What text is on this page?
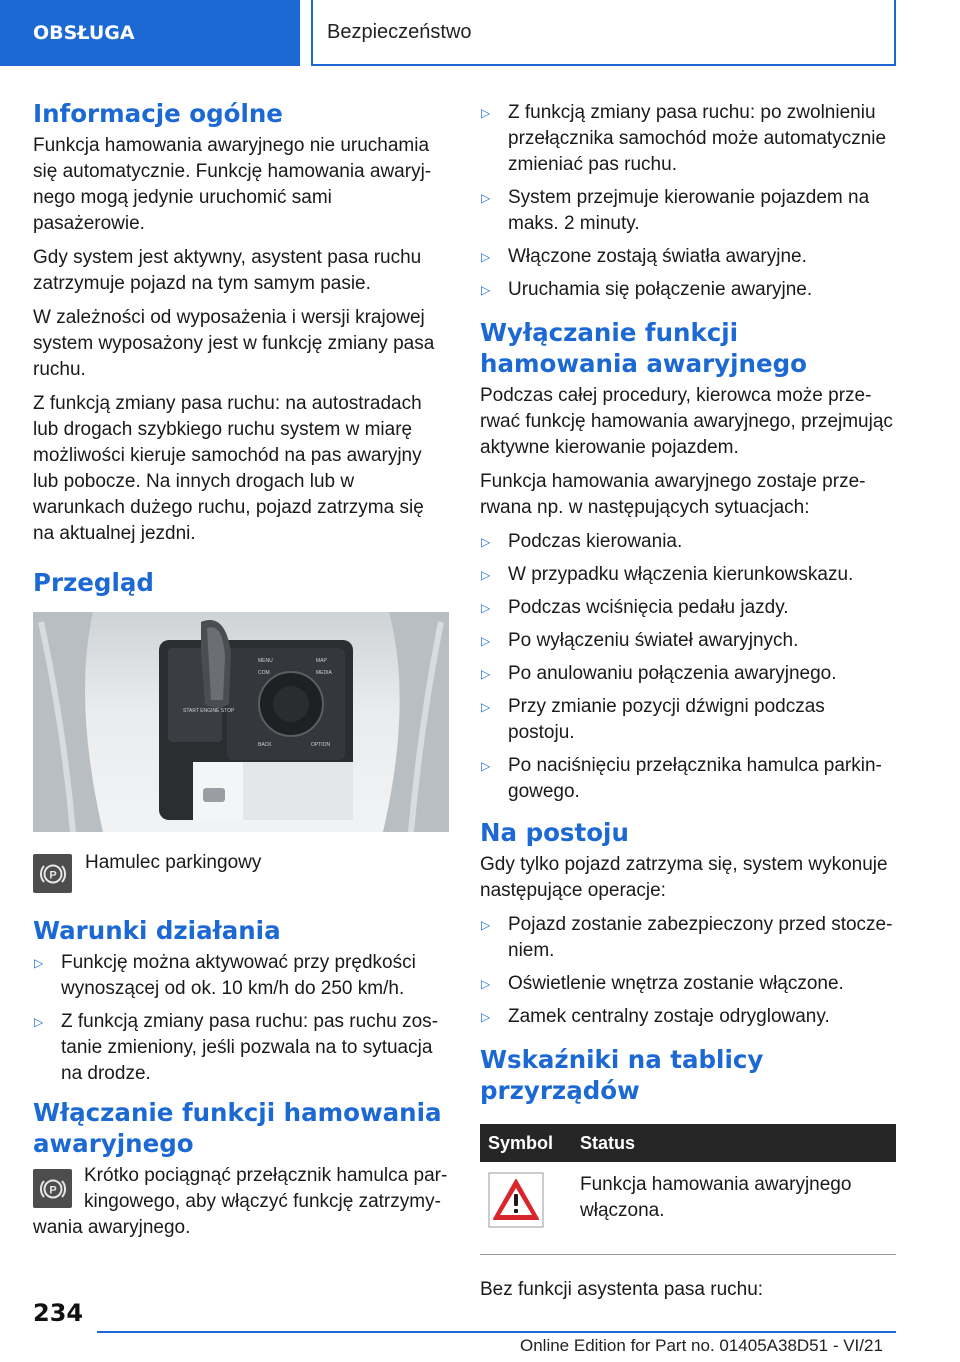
OBSŁUGA	Bezpieczeństwo
Informacje ogólne

Funkcja hamowania awaryjnego nie uruchamia się automatycznie. Funkcję hamowania awaryjnego mogą jedynie uruchomić sami pasażerowie.

Gdy system jest aktywny, asystent pasa ruchu zatrzymuje pojazd na tym samym pasie.

W zależności od wyposażenia i wersji krajowej system wyposażony jest w funkcję zmiany pasa ruchu.

Z funkcją zmiany pasa ruchu: na autostradach lub drogach szybkiego ruchu system w miarę możliwości kieruje samochód na pas awaryjny lub pobocze. Na innych drogach lub w warunkach dużego ruchu, pojazd zatrzyma się na aktualnej jezdni.

Przegląd
START ENGINE STOP
MENU	MAP
COM	MEDIA
BACK	OPTION
P
Hamulec parkingowy
Warunki działania
▷ Funkcję można aktywować przy prędkości wynoszącej od ok. 10 km/h do 250 km/h.
▷ Z funkcją zmiany pasa ruchu: pas ruchu zostanie zmieniony, jeśli pozwala na to sytuacja na drodze.
Włączanie funkcji hamowania awaryjnego
P

Krótko pociągnąć przełącznik hamulca parkingowego, aby włączyć funkcję zatrzymywania awaryjnego.

▷ Z funkcją zmiany pasa ruchu: po zwolnieniu przełącznika samochód może automatycznie zmieniać pas ruchu.
▷ System przejmuje kierowanie pojazdem na maks. 2 minuty.
▷ Włączone zostają światła awaryjne.
▷ Uruchamia się połączenie awaryjne.
Wyłączanie funkcji hamowania awaryjnego

Podczas całej procedury, kierowca może przerwać funkcję hamowania awaryjnego, przejmując aktywne kierowanie pojazdem.

Funkcja hamowania awaryjnego zostaje przerwana np. w następujących sytuacjach:

▷ Podczas kierowania.
▷ W przypadku włączenia kierunkowskazu.
▷ Podczas wciśnięcia pedału jazdy.
▷ Po wyłączeniu świateł awaryjnych.
▷ Po anulowaniu połączenia awaryjnego.
▷ Przy zmianie pozycji dźwigni podczas postoju.
▷ Po naciśnięciu przełącznika hamulca parkingowego.
Na postoju

Gdy tylko pojazd zatrzyma się, system wykonuje następujące operacje:

▷ Pojazd zostanie zabezpieczony przed stoczeniem.
▷ Oświetlenie wnętrza zostanie włączone.
▷ Zamek centralny zostaje odryglowany.
Wskaźniki na tablicy przyrządów
Symbol	Status
	Funkcja hamowania awaryjnego włączona.

Bez funkcji asystenta pasa ruchu:

234
Online Edition for Part no. 01405A38D51 - VI/21
